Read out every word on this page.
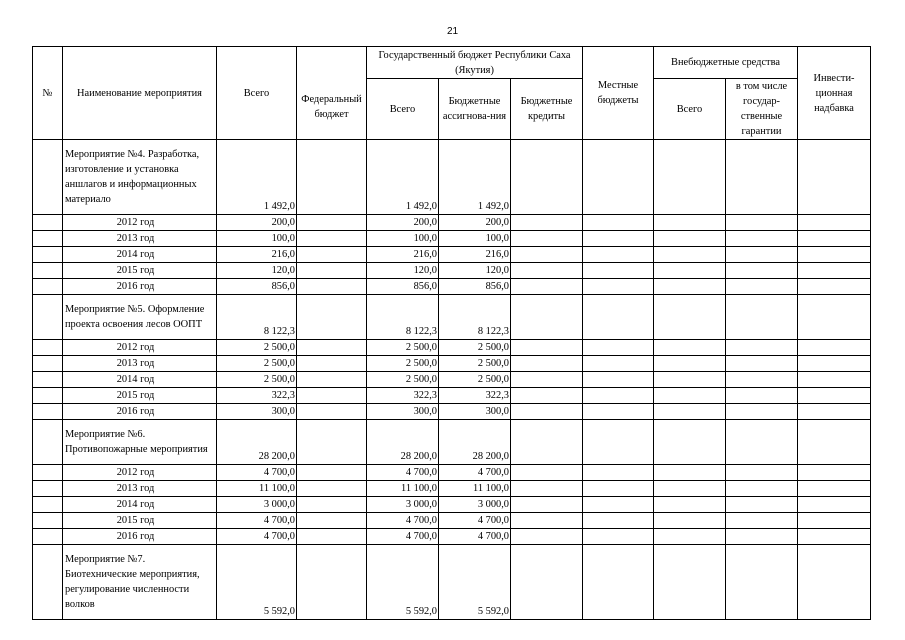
21
№	Наименование мероприятия	Всего	Федеральный бюджет	Государственный бюджет Республики Саха (Якутия)			Местные бюджеты	Внебюджетные средства		Инвести-ционная надбавка
				Всего	Бюджетные ассигнова-ния	Бюджетные кредиты		Всего	в том числе государ-ственные гарантии	
	Мероприятие №4. Разработка, изготовление и установка аншлагов и информационных материало	1 492,0		1 492,0	1 492,0					
	2012 год	200,0		200,0	200,0					
	2013 год	100,0		100,0	100,0					
	2014 год	216,0		216,0	216,0					
	2015 год	120,0		120,0	120,0					
	2016 год	856,0		856,0	856,0					
	Мероприятие №5. Оформление проекта освоения лесов ООПТ	8 122,3		8 122,3	8 122,3					
	2012 год	2 500,0		2 500,0	2 500,0					
	2013 год	2 500,0		2 500,0	2 500,0					
	2014 год	2 500,0		2 500,0	2 500,0					
	2015 год	322,3		322,3	322,3					
	2016 год	300,0		300,0	300,0					
	Мероприятие №6. Противопожарные мероприятия	28 200,0		28 200,0	28 200,0					
	2012 год	4 700,0		4 700,0	4 700,0					
	2013 год	11 100,0		11 100,0	11 100,0					
	2014 год	3 000,0		3 000,0	3 000,0					
	2015 год	4 700,0		4 700,0	4 700,0					
	2016 год	4 700,0		4 700,0	4 700,0					
	Мероприятие №7. Биотехнические мероприятия, регулирование численности волков	5 592,0		5 592,0	5 592,0					
